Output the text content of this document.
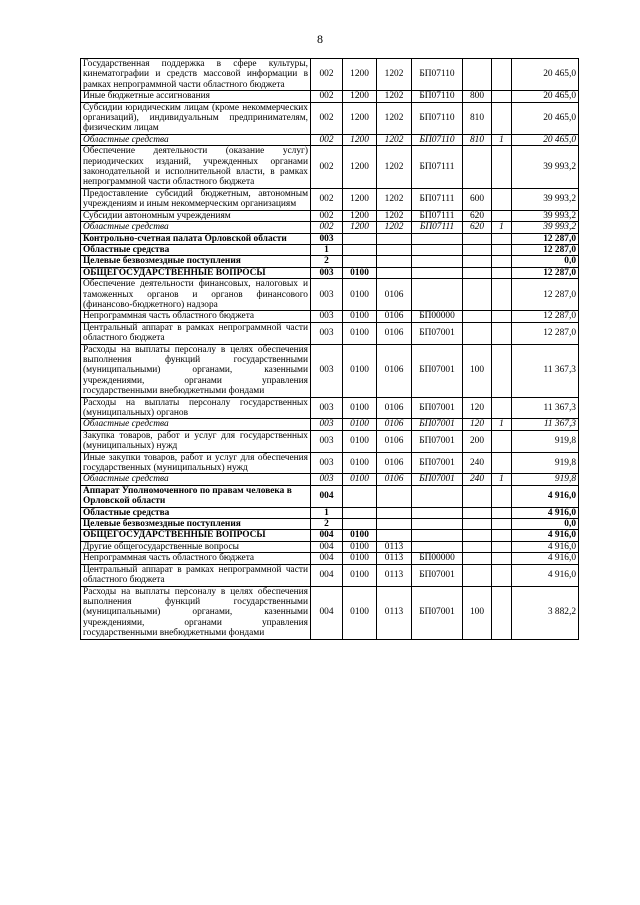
8
Государственная поддержка в сфере культуры, кинематографии и средств массовой информации в рамках непрограммной части областного бюджета	002	1200	1202	БП07110			20 465,0
Иные бюджетные ассигнования	002	1200	1202	БП07110	800		20 465,0
Субсидии юридическим лицам (кроме некоммерческих организаций), индивидуальным предпринимателям, физическим лицам	002	1200	1202	БП07110	810		20 465,0
Областные средства	002	1200	1202	БП07110	810	1	20 465,0
Обеспечение деятельности (оказание услуг) периодических изданий, учрежденных органами законодательной и исполнительной власти, в рамках непрограммной части областного бюджета	002	1200	1202	БП07111			39 993,2
Предоставление субсидий бюджетным, автономным учреждениям и иным некоммерческим организациям	002	1200	1202	БП07111	600		39 993,2
Субсидии автономным учреждениям	002	1200	1202	БП07111	620		39 993,2
Областные средства	002	1200	1202	БП07111	620	1	39 993,2
Контрольно-счетная палата Орловской области	003						12 287,0
Областные средства	1						12 287,0
Целевые безвозмездные поступления	2						0,0
ОБЩЕГОСУДАРСТВЕННЫЕ ВОПРОСЫ	003	0100					12 287,0
Обеспечение деятельности финансовых, налоговых и таможенных органов и органов финансового (финансово-бюджетного) надзора	003	0100	0106				12 287,0
Непрограммная часть областного бюджета	003	0100	0106	БП00000			12 287,0
Центральный аппарат в рамках непрограммной части областного бюджета	003	0100	0106	БП07001			12 287,0
Расходы на выплаты персоналу в целях обеспечения выполнения функций государственными (муниципальными) органами, казенными учреждениями, органами управления государственными внебюджетными фондами	003	0100	0106	БП07001	100		11 367,3
Расходы на выплаты персоналу государственных (муниципальных) органов	003	0100	0106	БП07001	120		11 367,3
Областные средства	003	0100	0106	БП07001	120	1	11 367,3
Закупка товаров, работ и услуг для государственных (муниципальных) нужд	003	0100	0106	БП07001	200		919,8
Иные закупки товаров, работ и услуг для обеспечения государственных (муниципальных) нужд	003	0100	0106	БП07001	240		919,8
Областные средства	003	0100	0106	БП07001	240	1	919,8
Аппарат Уполномоченного по правам человека в Орловской области	004						4 916,0
Областные средства	1						4 916,0
Целевые безвозмездные поступления	2						0,0
ОБЩЕГОСУДАРСТВЕННЫЕ ВОПРОСЫ	004	0100					4 916,0
Другие общегосударственные вопросы	004	0100	0113				4 916,0
Непрограммная часть областного бюджета	004	0100	0113	БП00000			4 916,0
Центральный аппарат в рамках непрограммной части областного бюджета	004	0100	0113	БП07001			4 916,0
Расходы на выплаты персоналу в целях обеспечения выполнения функций государственными (муниципальными) органами, казенными учреждениями, органами управления государственными внебюджетными фондами	004	0100	0113	БП07001	100		3 882,2
